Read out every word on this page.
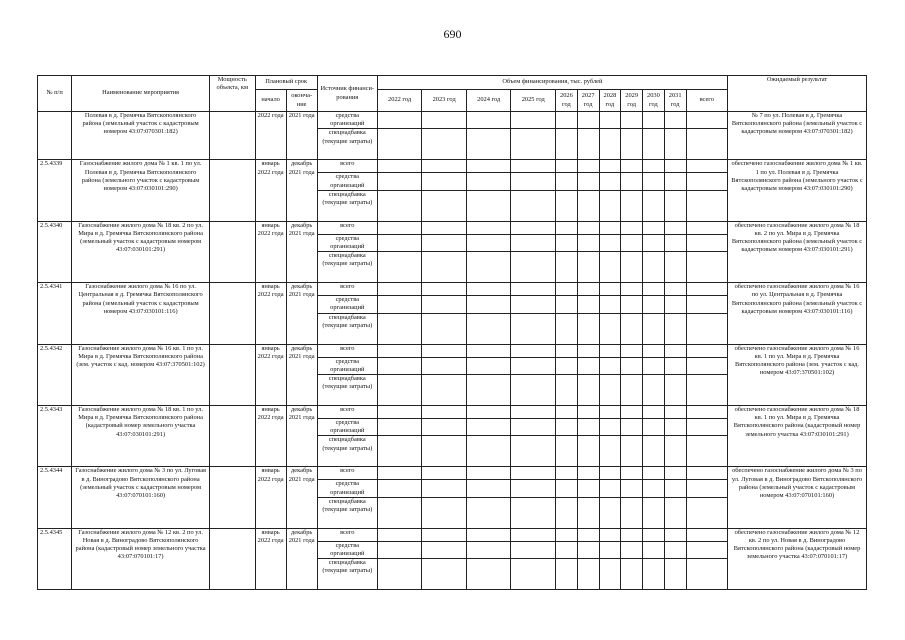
690
№ п/п	Наименование мероприятия	Мощность объекта, км	Плановый срок		Источник финанси-рования	Объем финансирования, тыс. рублей											Ожидаемый результат
			начало	оконча-ние		2022 год	2023 год	2024 год	2025 год	2026 год	2027 год	2028 год	2029 год	2030 год	2031 год	всего	
	Полевая в д. Гремячка Вятскополянского района (земельный участок с кадастровым номером 43:07:070301:182)		2022 года	2021 года	средства организаций												№ 7 по ул. Полевая в д. Гремячка Вятскополянского района (земельный участок с кадастровым номером 43:07:070301:182)
					спецнадбавка (текущие затраты)												
2.5.4339	Газоснабжение жилого дома № 1 кв. 1 по ул. Полевая в д. Гремячка Вятскополянского района (земельного участок с кадастровым номером 43:07:030101:290)		январь 2022 года	декабрь 2021 года	всего												обеспечено газоснабжение жилого дома № 1 кв. 1 по ул. Полевая в д. Гремячка Вятскополянского района (земельного участок с кадастровым номером 43:07:030101:290)
					средства организаций												
					спецнадбавка (текущие затраты)												
2.5.4340	Газоснабжение жилого дома № 18 кв. 2 по ул. Мира в д. Гремячка Вятскополянского района (земельный участок с кадастровым номером 43:07:030101:291)		январь 2022 года	декабрь 2021 года	всего												обеспечено газоснабжение жилого дома № 18 кв. 2 по ул. Мира в д. Гремячка Вятскополянского района (земельный участок с кадастровым номером 43:07:030101:291)
					средства организаций												
					спецнадбавка (текущие затраты)												
2.5.4341	Газоснабжение жилого дома № 16 по ул. Центральная в д. Гремячка Вятскополянского района (земельный участок с кадастровым номером 43:07:030101:116)		январь 2022 года	декабрь 2021 года	всего												обеспечено газоснабжение жилого дома № 16 по ул. Центральная в д. Гремячка Вятскополянского района (земельный участок с кадастровым номером 43:07:030101:116)
					средства организаций												
					спецнадбавка (текущие затраты)												
2.5.4342	Газоснабжение жилого дома № 16 кв. 1 по ул. Мира в д. Гремячка Вятскополянского района (зем. участок с кад. номером 43:07:370501:102)		январь 2022 года	декабрь 2021 года	всего												обеспечено газоснабжение жилого дома № 16 кв. 1 по ул. Мира в д. Гремячка Вятскополянского района (зем. участок с кад. номером 43:07:370501:102)
					средства организаций												
					спецнадбавка (текущие затраты)												
2.5.4343	Газоснабжение жилого дома № 18 кв. 1 по ул. Мира в д. Гремячка Вятскополянского района (кадастровый номер земельного участка 43:07:030101:291)		январь 2022 года	декабрь 2021 года	всего												обеспечено газоснабжение жилого дома № 18 кв. 1 по ул. Мира в д. Гремячка Вятскополянского района (кадастровый номер земельного участка 43:07:030101:291)
					средства организаций												
					спецнадбавка (текущие затраты)												
2.5.4344	Газоснабжение жилого дома № 3 по ул. Луговая в д. Виноградово Вятскополянского района (земельный участок с кадастровым номером 43:07:070101:160)		январь 2022 года	декабрь 2021 года	всего												обеспечено газоснабжение жилого дома № 3 по ул. Луговая в д. Виноградово Вятскополянского района (земельный участок с кадастровым номером 43:07:070101:160)
					средства организаций												
					спецнадбавка (текущие затраты)												
2.5.4345	Газоснабжение жилого дома № 12 кв. 2 по ул. Новая в д. Виноградово Вятскополянского района (кадастровый номер земельного участка 43:07:070101:17)		январь 2022 года	декабрь 2021 года	всего												обеспечено газоснабжение жилого дома № 12 кв. 2 по ул. Новая в д. Виноградово Вятскополянского района (кадастровый номер земельного участка 43:07:070101:17)
					средства организаций												
					спецнадбавка (текущие затраты)												
